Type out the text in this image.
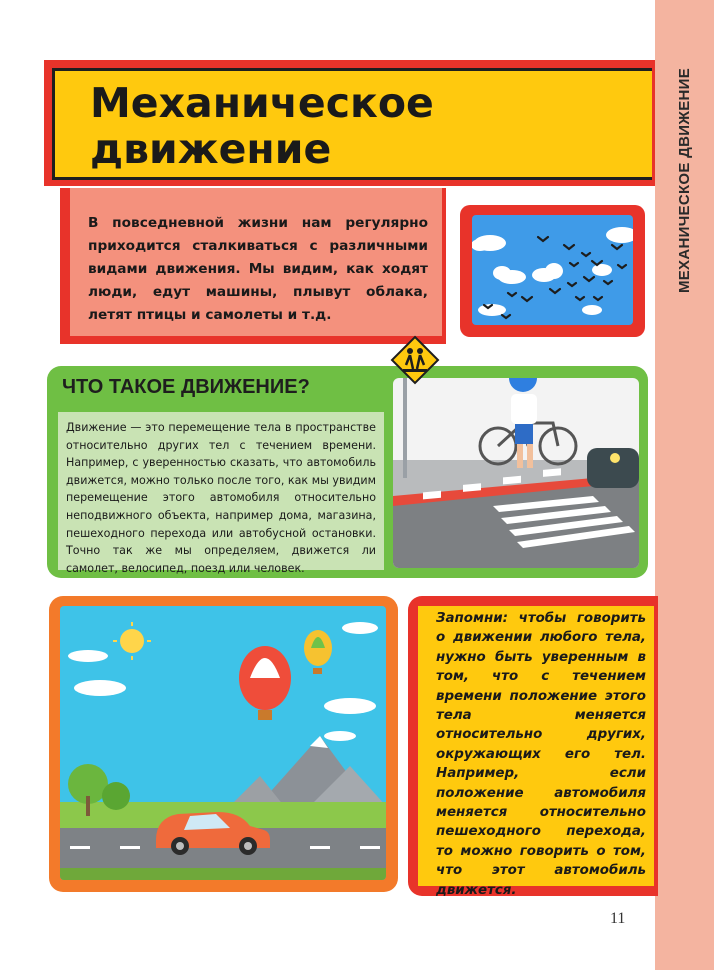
МЕХАНИЧЕСКОЕ ДВИЖЕНИЕ
Механическое
движение

В повседневной жизни нам регулярно приходится сталкиваться с различными видами движения. Мы видим, как ходят люди, едут машины, плывут облака, летят птицы и самолеты и т.д.

ЧТО ТАКОЕ ДВИЖЕНИЕ?

Движение — это перемещение тела в пространстве относительно других тел с течением времени. Например, с уверенностью сказать, что автомобиль движется, можно только после того, как мы увидим перемещение этого автомобиля относительно неподвижного объекта, например дома, магазина, пешеходного перехода или автобусной остановки. Точно так же мы определяем, движется ли самолет, велосипед, поезд или человек.

Запомни: чтобы говорить о движении любого тела, нужно быть уверенным в том, что с течением времени положение этого тела меняется относительно других, окружающих его тел. Например, если положение автомобиля меняется относительно пешеходного перехода, то можно говорить о том, что этот автомобиль движется.

11
